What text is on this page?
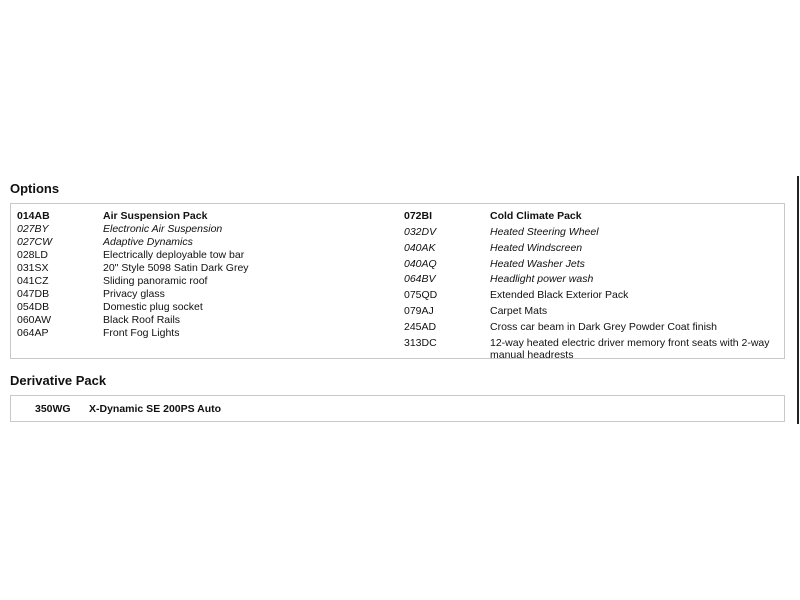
Options
014AB	Air Suspension Pack
027BY	Electronic Air Suspension
027CW	Adaptive Dynamics
028LD	Electrically deployable tow bar
031SX	20" Style 5098 Satin Dark Grey
041CZ	Sliding panoramic roof
047DB	Privacy glass
054DB	Domestic plug socket
060AW	Black Roof Rails
064AP	Front Fog Lights
072BI	Cold Climate Pack
032DV	Heated Steering Wheel
040AK	Heated Windscreen
040AQ	Heated Washer Jets
064BV	Headlight power wash
075QD	Extended Black Exterior Pack
079AJ	Carpet Mats
245AD	Cross car beam in Dark Grey Powder Coat finish
313DC	12-way heated electric driver memory front seats with 2-way manual headrests
Derivative Pack
350WG	X-Dynamic SE 200PS Auto
